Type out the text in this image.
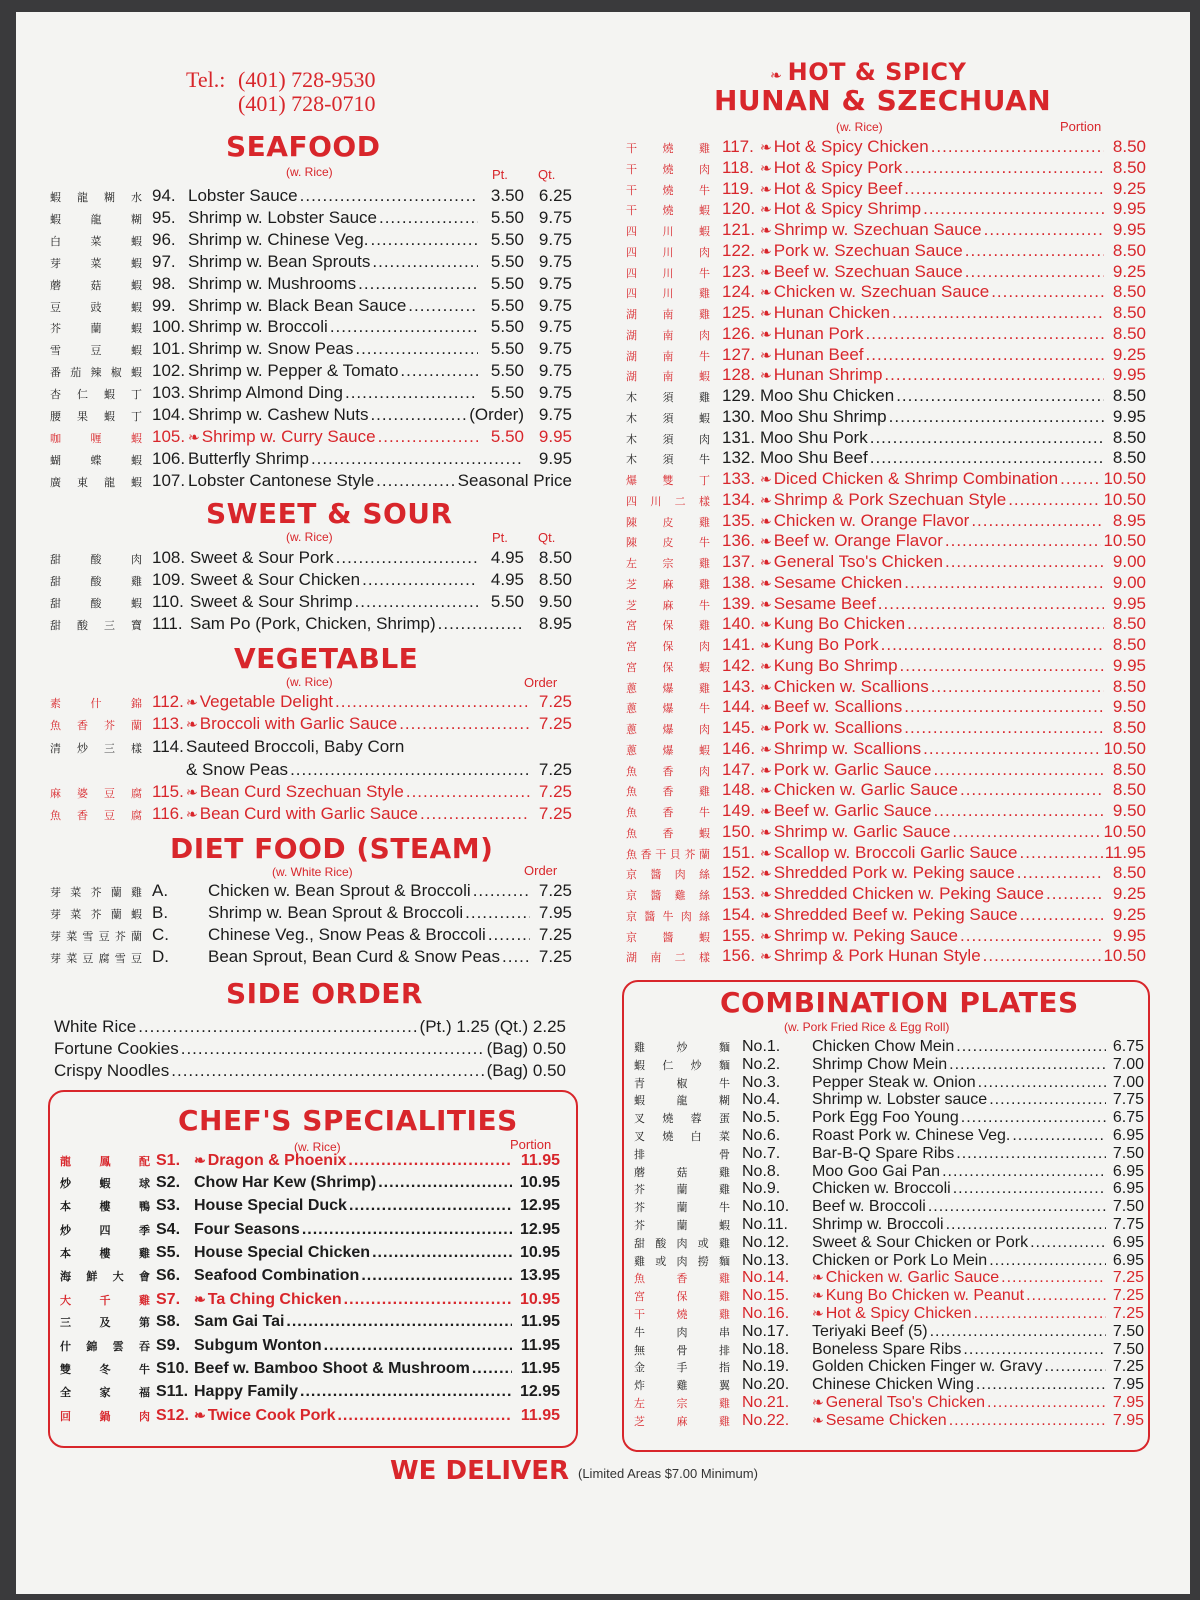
Tel.: (401) 728-9530
(401) 728-0710
SEAFOOD
(w. Rice)	Pt. Qt.
蝦 龍 糊 水 94. Lobster Sauce .....	3.50 6.25
蝦	龍	糊 95. Shrimp w. Lobster Sauce .....	5.50 9.75
白	菜	蝦 96. Shrimp w. Chinese Veg. .....	5.50 9.75
芽	菜	蝦 97. Shrimp w. Bean Sprouts .....	5.50 9.75
蘑	菇	蝦 98. Shrimp w. Mushrooms .....	5.50 9.75
豆	豉	蝦 99. Shrimp w. Black Bean Sauce .....	5.50 9.75
芥	蘭	蝦 100. Shrimp w. Broccoli .....	5.50 9.75
雪	豆	蝦 101. Shrimp w. Snow Peas .....	5.50 9.75
番 茄 辣 椒 蝦 102. Shrimp w. Pepper & Tomato .....	5.50 9.75
杏 仁 蝦 丁 103. Shrimp Almond Ding .....	5.50 9.75
腰 果 蝦 丁 104. Shrimp w. Cashew Nuts .....	(Order) 9.75
咖	喱	蝦 105. ❧ Shrimp w. Curry Sauce .....	5.50 9.95
蝴	蝶	蝦 106. Butterfly Shrimp .....	9.95
廣 東 龍 蝦 107. Lobster Cantonese Style .....	Seasonal Price
SWEET & SOUR
(w. Rice)	Pt. Qt.
甜	酸	肉 108. Sweet & Sour Pork .....	4.95 8.50
甜	酸	雞 109. Sweet & Sour Chicken .....	4.95 8.50
甜	酸	蝦 110. Sweet & Sour Shrimp .....	5.50 9.50
甜 酸 三 寶 111. Sam Po (Pork, Chicken, Shrimp) .....	8.95
VEGETABLE
(w. Rice)	Order
素	什	錦 112. ❧ Vegetable Delight .....	7.25
魚 香 芥 蘭 113. ❧ Broccoli with Garlic Sauce .....	7.25
清 炒 三 樣 114. Sauteed Broccoli, Baby Corn
& Snow Peas .....	7.25
麻 婆 豆 腐 115. ❧ Bean Curd Szechuan Style .....	7.25
魚 香 豆 腐 116. ❧ Bean Curd with Garlic Sauce .....	7.25
DIET FOOD (STEAM)
(w. White Rice)	Order
芽 菜 芥 蘭 雞 A.	Chicken w. Bean Sprout & Broccoli .....	7.25
芽 菜 芥 蘭 蝦 B.	Shrimp w. Bean Sprout & Broccoli .....	7.95
芽 菜 雪 豆 芥 蘭 C.	Chinese Veg., Snow Peas & Broccoli .....	7.25
芽 菜 豆 腐 雪 豆 D.	Bean Sprout, Bean Curd & Snow Peas .....	7.25
SIDE ORDER
White Rice .....	(Pt.) 1.25 (Qt.) 2.25
Fortune Cookies .....	(Bag) 0.50
Crispy Noodles .....	(Bag) 0.50
CHEF'S SPECIALITIES
(w. Rice)	Portion
龍	鳳	配 S1. ❧ Dragon & Phoenix .....	11.95
炒	蝦	球 S2. Chow Har Kew (Shrimp) .....	10.95
本	樓	鴨 S3. House Special Duck .....	12.95
炒	四	季 S4. Four Seasons .....	12.95
本	樓	雞 S5. House Special Chicken .....	10.95
海 鮮 大 會 S6. Seafood Combination .....	13.95
大	千	雞 S7. ❧ Ta Ching Chicken .....	10.95
三	及	第 S8. Sam Gai Tai .....	11.95
什 錦 雲 吞 S9. Subgum Wonton .....	11.95
雙	冬	牛 S10. Beef w. Bamboo Shoot & Mushroom .....	11.95
全	家	福 S11. Happy Family .....	12.95
回	鍋	肉 S12. ❧ Twice Cook Pork .....	11.95
❧ HOT & SPICY
HUNAN & SZECHUAN
(w. Rice)	Portion
干 燒 雞 117. ❧ Hot & Spicy Chicken .....	8.50
干 燒 肉 118. ❧ Hot & Spicy Pork .....	8.50
干 燒 牛 119. ❧ Hot & Spicy Beef .....	9.25
干 燒 蝦 120. ❧ Hot & Spicy Shrimp .....	9.95
四 川 蝦 121. ❧ Shrimp w. Szechuan Sauce .....	9.95
四 川 肉 122. ❧ Pork w. Szechuan Sauce .....	8.50
四 川 牛 123. ❧ Beef w. Szechuan Sauce .....	9.25
四 川 雞 124. ❧ Chicken w. Szechuan Sauce .....	8.50
湖 南 雞 125. ❧ Hunan Chicken .....	8.50
湖 南 肉 126. ❧ Hunan Pork .....	8.50
湖 南 牛 127. ❧ Hunan Beef .....	9.25
湖 南 蝦 128. ❧ Hunan Shrimp .....	9.95
木 須 雞 129. Moo Shu Chicken .....	8.50
木 須 蝦 130. Moo Shu Shrimp .....	9.95
木 須 肉 131. Moo Shu Pork .....	8.50
木 須 牛 132. Moo Shu Beef .....	8.50
爆 雙 丁 133. ❧ Diced Chicken & Shrimp Combination .....	10.50
四 川 二 樣 134. ❧ Shrimp & Pork Szechuan Style .....	10.50
陳 皮 雞 135. ❧ Chicken w. Orange Flavor .....	8.95
陳 皮 牛 136. ❧ Beef w. Orange Flavor .....	10.50
左 宗 雞 137. ❧ General Tso's Chicken .....	9.00
芝 麻 雞 138. ❧ Sesame Chicken .....	9.00
芝 麻 牛 139. ❧ Sesame Beef .....	9.95
宮 保 雞 140. ❧ Kung Bo Chicken .....	8.50
宮 保 肉 141. ❧ Kung Bo Pork .....	8.50
宮 保 蝦 142. ❧ Kung Bo Shrimp .....	9.95
蔥 爆 雞 143. ❧ Chicken w. Scallions .....	8.50
蔥 爆 牛 144. ❧ Beef w. Scallions .....	9.50
蔥 爆 肉 145. ❧ Pork w. Scallions .....	8.50
蔥 爆 蝦 146. ❧ Shrimp w. Scallions .....	10.50
魚 香 肉 147. ❧ Pork w. Garlic Sauce .....	8.50
魚 香 雞 148. ❧ Chicken w. Garlic Sauce .....	8.50
魚 香 牛 149. ❧ Beef w. Garlic Sauce .....	9.50
魚 香 蝦 150. ❧ Shrimp w. Garlic Sauce .....	10.50
魚 香 干 貝 芥 蘭 151. ❧ Scallop w. Broccoli Garlic Sauce .....	11.95
京 醬 肉 絲 152. ❧ Shredded Pork w. Peking sauce .....	8.50
京 醬 雞 絲 153. ❧ Shredded Chicken w. Peking Sauce .....	9.25
京 醬 牛 肉 絲 154. ❧ Shredded Beef w. Peking Sauce .....	9.25
京 醬 蝦 155. ❧ Shrimp w. Peking Sauce .....	9.95
湖 南 二 樣 156. ❧ Shrimp & Pork Hunan Style .....	10.50
COMBINATION PLATES
(w. Pork Fried Rice & Egg Roll)
雞	炒	麵 No.1.	Chicken Chow Mein .....	6.75
蝦 仁 炒 麵 No.2.	Shrimp Chow Mein .....	7.00
青	椒	牛 No.3.	Pepper Steak w. Onion .....	7.00
蝦	龍	糊 No.4.	Shrimp w. Lobster sauce .....	7.75
叉 燒 蓉 蛋 No.5.	Pork Egg Foo Young .....	6.75
叉 燒 白 菜 No.6.	Roast Pork w. Chinese Veg. .....	6.95
排	骨 No.7.	Bar-B-Q Spare Ribs .....	7.50
蘑	菇	雞 No.8.	Moo Goo Gai Pan .....	6.95
芥	蘭	雞 No.9.	Chicken w. Broccoli .....	6.95
芥	蘭	牛 No.10.	Beef w. Broccoli .....	7.50
芥	蘭	蝦 No.11.	Shrimp w. Broccoli .....	7.75
甜 酸 肉 或 雞 No.12.	Sweet & Sour Chicken or Pork .....	6.95
雞 或 肉 撈 麵 No.13.	Chicken or Pork Lo Mein .....	6.95
魚	香	雞 No.14.	❧ Chicken w. Garlic Sauce .....	7.25
宮	保	雞 No.15.	❧ Kung Bo Chicken w. Peanut .....	7.25
干	燒	雞 No.16.	❧ Hot & Spicy Chicken .....	7.25
牛	肉	串 No.17.	Teriyaki Beef (5) .....	7.50
無	骨	排 No.18.	Boneless Spare Ribs .....	7.50
金	手	指 No.19.	Golden Chicken Finger w. Gravy .....	7.25
炸	雞	翼 No.20.	Chinese Chicken Wing .....	7.95
左	宗	雞 No.21.	❧ General Tso's Chicken .....	7.95
芝	麻	雞 No.22.	❧ Sesame Chicken .....	7.95
WE DELIVER (Limited Areas $7.00 Minimum)
